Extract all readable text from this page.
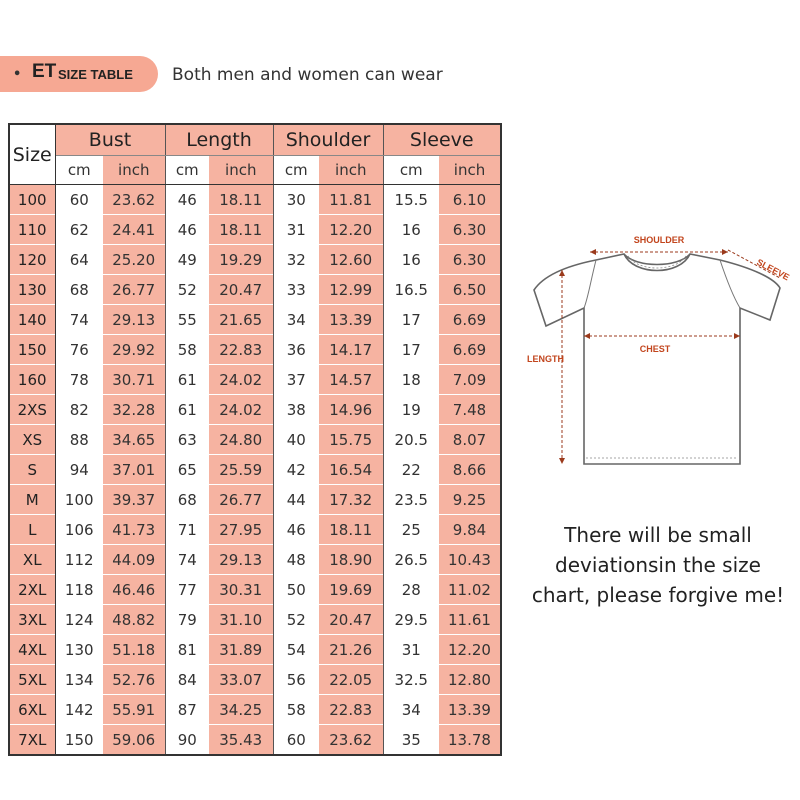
• ET SIZE TABLE Both men and women can wear
Size	Bust		Length		Shoulder		Sleeve	
	cm	inch	cm	inch	cm	inch	cm	inch
100	60	23.62	46	18.11	30	11.81	15.5	6.10
110	62	24.41	46	18.11	31	12.20	16	6.30
120	64	25.20	49	19.29	32	12.60	16	6.30
130	68	26.77	52	20.47	33	12.99	16.5	6.50
140	74	29.13	55	21.65	34	13.39	17	6.69
150	76	29.92	58	22.83	36	14.17	17	6.69
160	78	30.71	61	24.02	37	14.57	18	7.09
2XS	82	32.28	61	24.02	38	14.96	19	7.48
XS	88	34.65	63	24.80	40	15.75	20.5	8.07
S	94	37.01	65	25.59	42	16.54	22	8.66
M	100	39.37	68	26.77	44	17.32	23.5	9.25
L	106	41.73	71	27.95	46	18.11	25	9.84
XL	112	44.09	74	29.13	48	18.90	26.5	10.43
2XL	118	46.46	77	30.31	50	19.69	28	11.02
3XL	124	48.82	79	31.10	52	20.47	29.5	11.61
4XL	130	51.18	81	31.89	54	21.26	31	12.20
5XL	134	52.76	84	33.07	56	22.05	32.5	12.80
6XL	142	55.91	87	34.25	58	22.83	34	13.39
7XL	150	59.06	90	35.43	60	23.62	35	13.78
SHOULDER
SLEEVE
CHEST
LENGTH
There will be small
deviationsin the size
chart, please forgive me!
